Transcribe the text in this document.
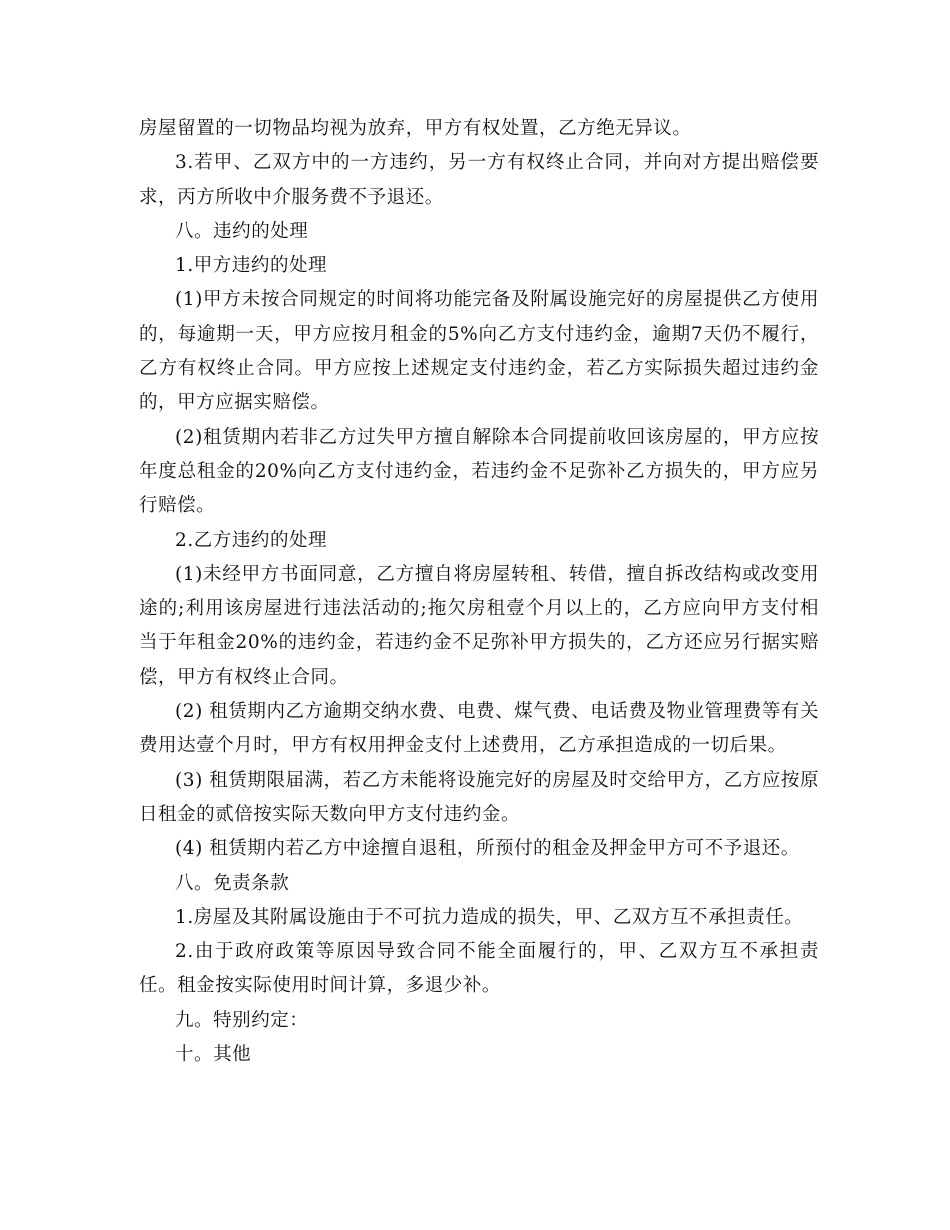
房屋留置的一切物品均视为放弃，甲方有权处置，乙方绝无异议。

3.若甲、乙双方中的一方违约，另一方有权终止合同，并向对方提出赔偿要求，丙方所收中介服务费不予退还。

八。违约的处理

1.甲方违约的处理

(1)甲方未按合同规定的时间将功能完备及附属设施完好的房屋提供乙方使用的，每逾期一天，甲方应按月租金的5%向乙方支付违约金，逾期7天仍不履行，乙方有权终止合同。甲方应按上述规定支付违约金，若乙方实际损失超过违约金的，甲方应据实赔偿。

(2)租赁期内若非乙方过失甲方擅自解除本合同提前收回该房屋的，甲方应按年度总租金的20%向乙方支付违约金，若违约金不足弥补乙方损失的，甲方应另行赔偿。

2.乙方违约的处理

(1)未经甲方书面同意，乙方擅自将房屋转租、转借，擅自拆改结构或改变用途的;利用该房屋进行违法活动的;拖欠房租壹个月以上的，乙方应向甲方支付相当于年租金20%的违约金，若违约金不足弥补甲方损失的，乙方还应另行据实赔偿，甲方有权终止合同。

(2) 租赁期内乙方逾期交纳水费、电费、煤气费、电话费及物业管理费等有关费用达壹个月时，甲方有权用押金支付上述费用，乙方承担造成的一切后果。

(3) 租赁期限届满，若乙方未能将设施完好的房屋及时交给甲方，乙方应按原日租金的贰倍按实际天数向甲方支付违约金。

(4) 租赁期内若乙方中途擅自退租，所预付的租金及押金甲方可不予退还。

八。免责条款

1.房屋及其附属设施由于不可抗力造成的损失，甲、乙双方互不承担责任。

2.由于政府政策等原因导致合同不能全面履行的，甲、乙双方互不承担责任。租金按实际使用时间计算，多退少补。

九。特别约定：

十。其他
